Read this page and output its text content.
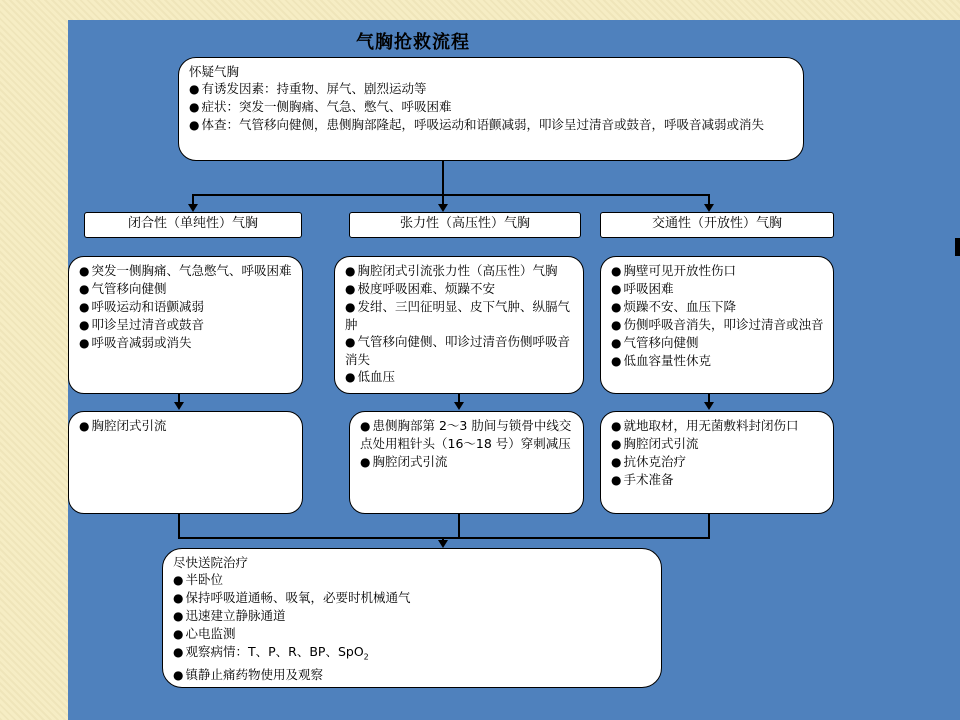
气胸抢救流程
怀疑气胸
● 有诱发因素：持重物、屏气、剧烈运动等
● 症状：突发一侧胸痛、气急、憋气、呼吸困难
● 体查：气管移向健侧，患侧胸部隆起，呼吸运动和语颤减弱，叩诊呈过清音或鼓音，呼吸音减弱或消失
闭合性（单纯性）气胸	张力性（高压性）气胸	交通性（开放性）气胸
● 突发一侧胸痛、气急憋气、呼吸困难
● 气管移向健侧
● 呼吸运动和语颤减弱
● 叩诊呈过清音或鼓音
● 呼吸音减弱或消失
● 胸腔闭式引流张力性（高压性）气胸
● 极度呼吸困难、烦躁不安
● 发绀、三凹征明显、皮下气肿、纵膈气肿
● 气管移向健侧、叩诊过清音伤侧呼吸音消失
● 低血压
● 胸壁可见开放性伤口
● 呼吸困难
● 烦躁不安、血压下降
● 伤侧呼吸音消失，叩诊过清音或浊音
● 气管移向健侧
● 低血容量性休克
● 胸腔闭式引流
●	患侧胸部第 2～3 肋间与锁骨中线交点处用粗针头（16～18 号）穿刺减压
● 胸腔闭式引流
● 就地取材，用无菌敷料封闭伤口
● 胸腔闭式引流
● 抗休克治疗
● 手术准备
尽快送院治疗
● 半卧位
● 保持呼吸道通畅、吸氧，必要时机械通气
● 迅速建立静脉通道
● 心电监测
● 观察病情：T、P、R、BP、SpO$_2$
● 镇静止痛药物使用及观察
